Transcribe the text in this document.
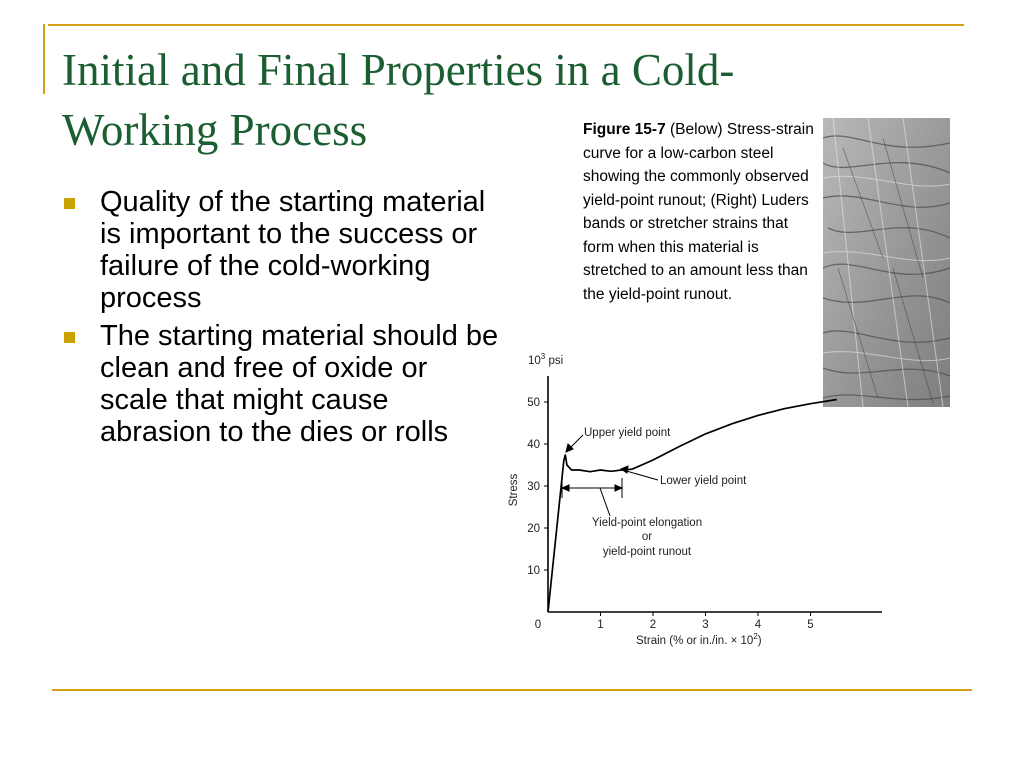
Initial and Final Properties in a Cold-Working Process
Quality of the starting material is important to the success or failure of the cold-working process
The starting material should be clean and free of oxide or scale that might cause abrasion to the dies or rolls
Figure 15-7 (Below) Stress-strain curve for a low-carbon steel showing the commonly observed yield-point runout; (Right) Luders bands or stretcher strains that form when this material is stretched to an amount less than the yield-point runout.
10
20
30
40
50
0	1	2	3	4	5
$10^3$ psi
Stress
Strain (% or in./in. × $10^2$)
Upper yield point
Lower yield point
Yield-point elongation
or
yield-point runout
